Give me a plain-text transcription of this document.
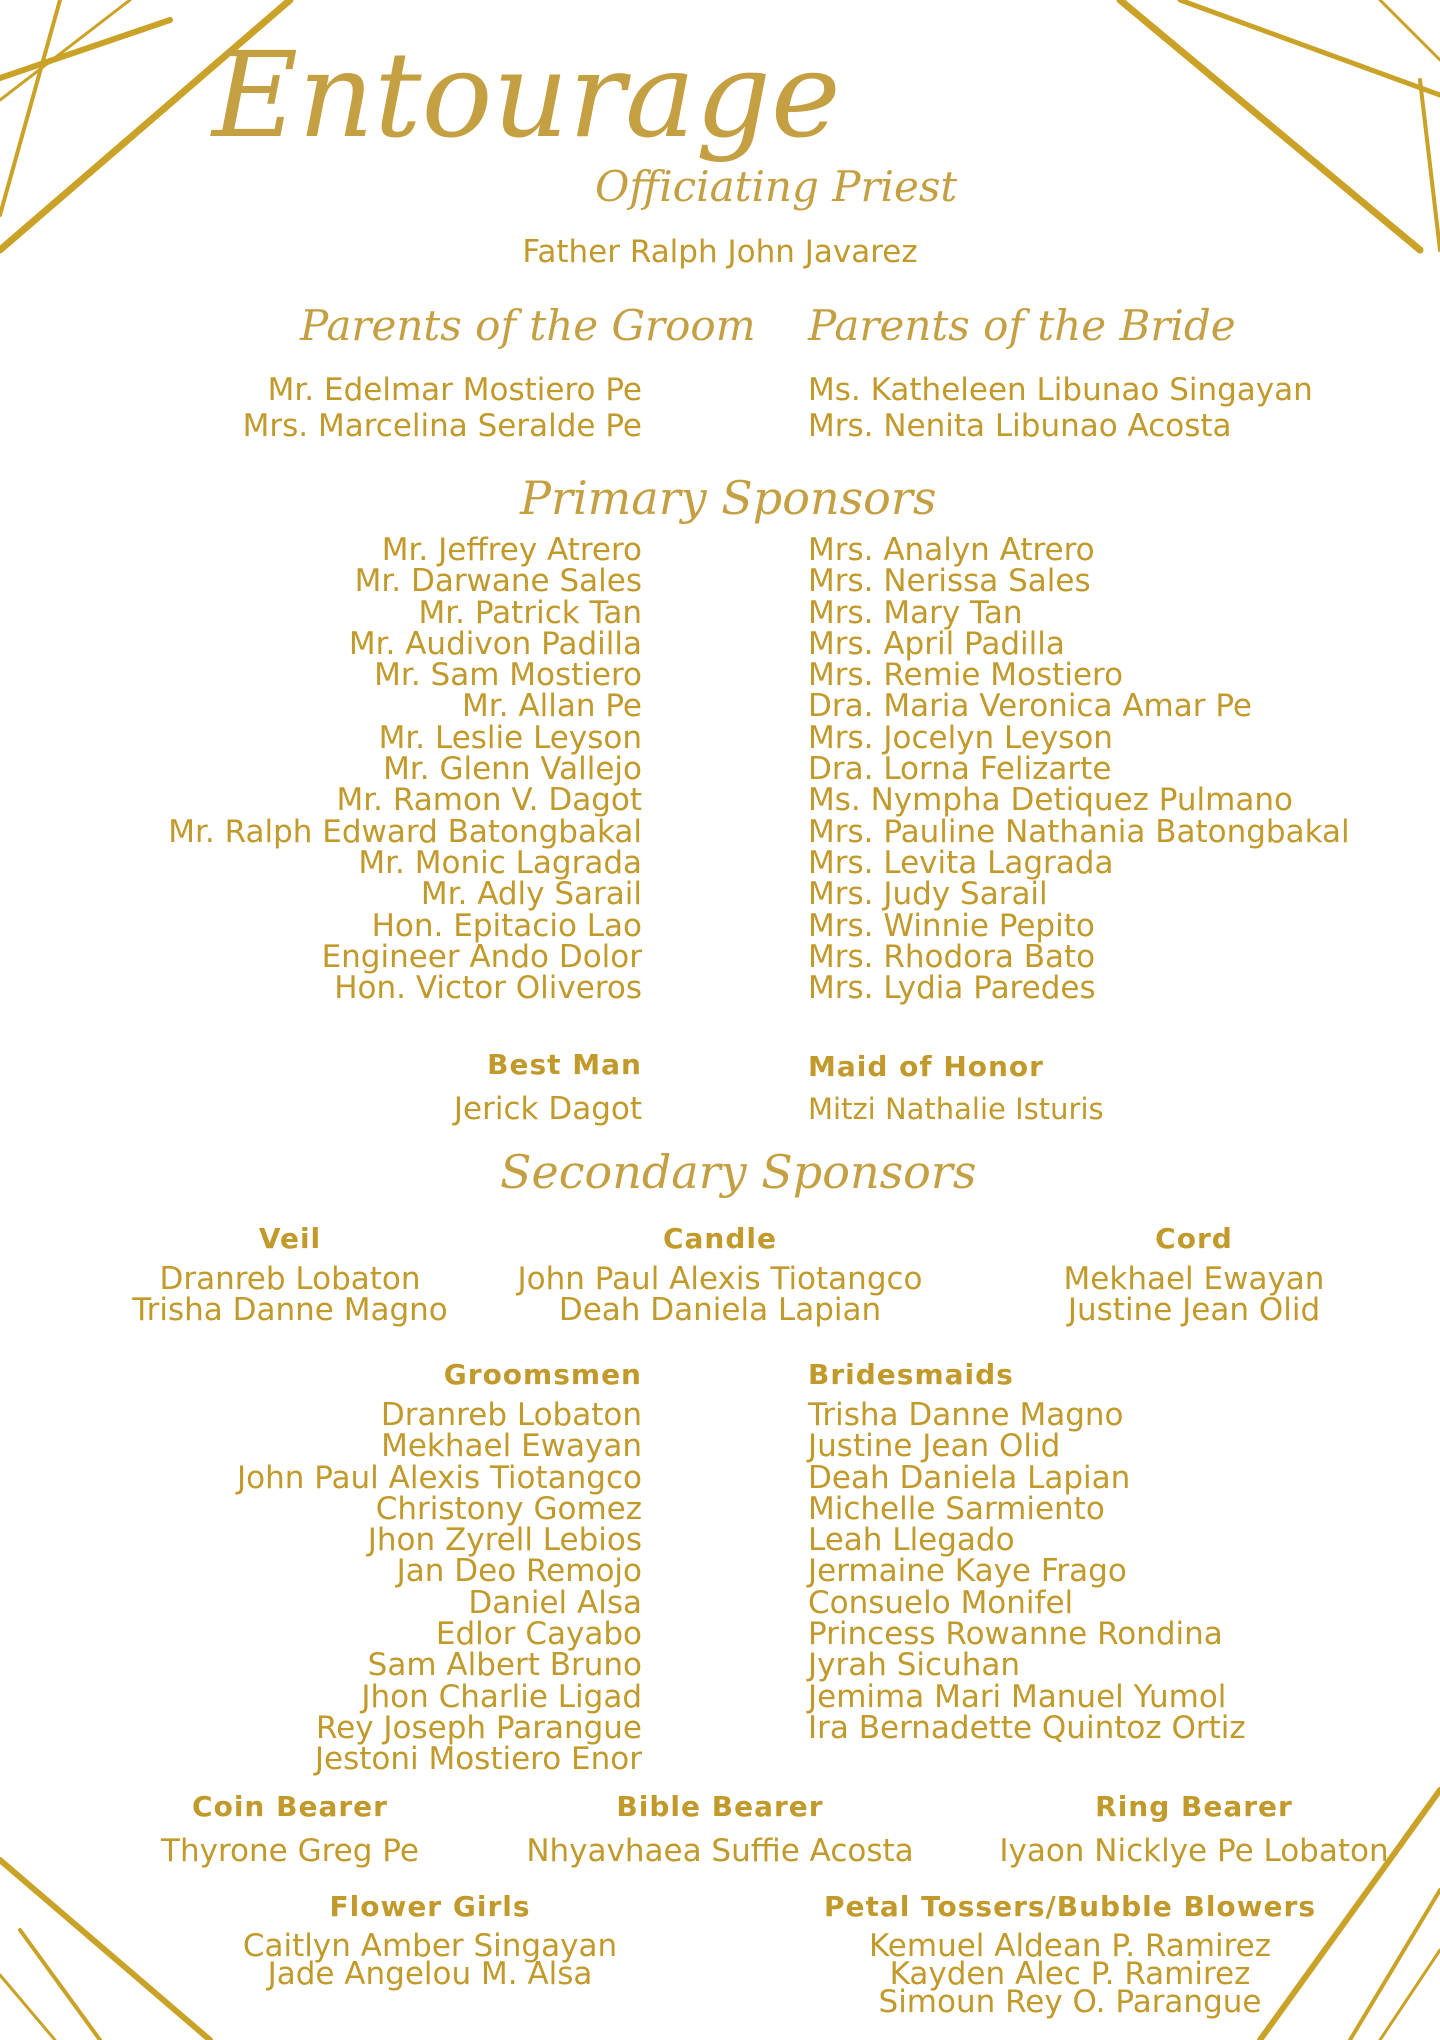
Entourage
Officiating Priest
Father Ralph John Javarez
Parents of the Groom Parents of the Bride
Mr. Edelmar Mostiero Pe
Mrs. Marcelina Seralde Pe
Ms. Katheleen Libunao Singayan
Mrs. Nenita Libunao Acosta
Primary Sponsors
Mr. Jeffrey Atrero
Mr. Darwane Sales
Mr. Patrick Tan
Mr. Audivon Padilla
Mr. Sam Mostiero
Mr. Allan Pe
Mr. Leslie Leyson
Mr. Glenn Vallejo
Mr. Ramon V. Dagot
Mr. Ralph Edward Batongbakal
Mr. Monic Lagrada
Mr. Adly Sarail
Hon. Epitacio Lao
Engineer Ando Dolor
Hon. Victor Oliveros
Mrs. Analyn Atrero
Mrs. Nerissa Sales
Mrs. Mary Tan
Mrs. April Padilla
Mrs. Remie Mostiero
Dra. Maria Veronica Amar Pe
Mrs. Jocelyn Leyson
Dra. Lorna Felizarte
Ms. Nympha Detiquez Pulmano
Mrs. Pauline Nathania Batongbakal
Mrs. Levita Lagrada
Mrs. Judy Sarail
Mrs. Winnie Pepito
Mrs. Rhodora Bato
Mrs. Lydia Paredes
Best Man
Jerick Dagot
Maid of Honor
Mitzi Nathalie Isturis
Secondary Sponsors
Veil
Dranreb Lobaton
Trisha Danne Magno
Candle
John Paul Alexis Tiotangco
Deah Daniela Lapian
Cord
Mekhael Ewayan
Justine Jean Olid
Groomsmen
Dranreb Lobaton
Mekhael Ewayan
John Paul Alexis Tiotangco
Christony Gomez
Jhon Zyrell Lebios
Jan Deo Remojo
Daniel Alsa
Edlor Cayabo
Sam Albert Bruno
Jhon Charlie Ligad
Rey Joseph Parangue
Jestoni Mostiero Enor
Bridesmaids
Trisha Danne Magno
Justine Jean Olid
Deah Daniela Lapian
Michelle Sarmiento
Leah Llegado
Jermaine Kaye Frago
Consuelo Monifel
Princess Rowanne Rondina
Jyrah Sicuhan
Jemima Mari Manuel Yumol
Ira Bernadette Quintoz Ortiz
Coin Bearer
Thyrone Greg Pe
Bible Bearer
Nhyavhaea Suffie Acosta
Ring Bearer
Iyaon Nicklye Pe Lobaton
Flower Girls
Caitlyn Amber Singayan
Jade Angelou M. Alsa
Petal Tossers/Bubble Blowers
Kemuel Aldean P. Ramirez
Kayden Alec P. Ramirez
Simoun Rey O. Parangue
